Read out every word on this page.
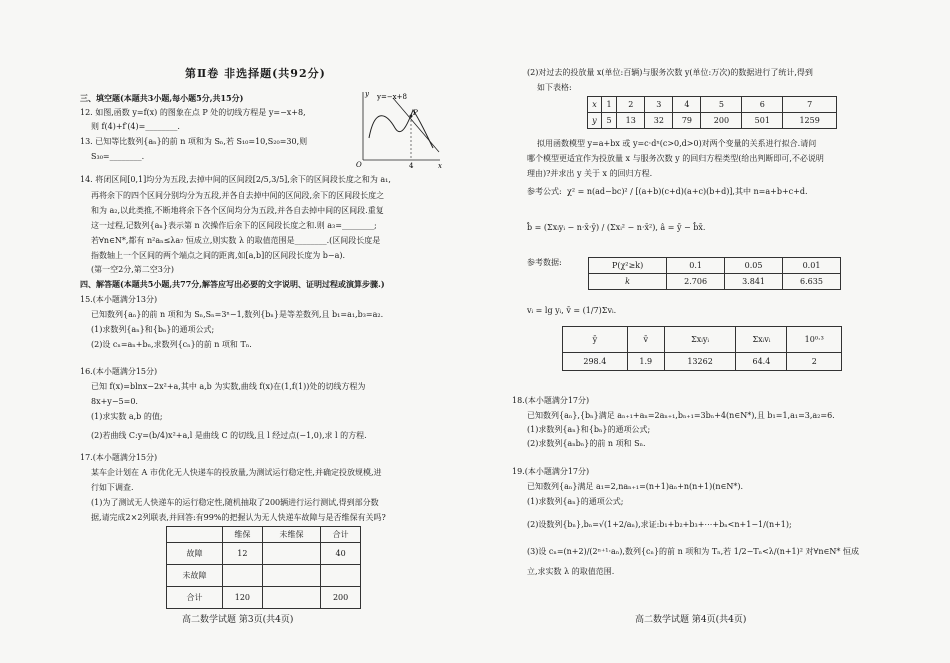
第Ⅱ卷 非选择题(共92分)
三、填空题(本题共3小题,每小题5分,共15分)
12. 如图,函数 y=f(x) 的图象在点 P 处的切线方程是 y=−x+8,
则 f(4)+f′(4)=________.
13. 已知等比数列{aₙ}的前 n 项和为 Sₙ,若 S₁₀=10,S₂₀=30,则
S₃₀=________.
y=−x+8
P
O	4	x
y
14. 将闭区间[0,1]均分为五段,去掉中间的区间段[2/5,3/5],余下的区间段长度之和为 a₁,
再将余下的四个区间分别均分为五段,并各自去掉中间的区间段,余下的区间段长度之
和为 a₂,以此类推,不断地将余下各个区间均分为五段,并各自去掉中间的区间段.重复
这一过程,记数列{aₙ}表示第 n 次操作后余下的区间段长度之和.则 a₃=________;
若∀n∈N*,都有 n²aₙ≤λa₇ 恒成立,则实数 λ 的取值范围是________.(区间段长度是
指数轴上一个区间的两个端点之间的距离,如[a,b]的区间段长度为 b−a).
(第一空2分,第二空3分)
四、解答题(本题共5小题,共77分,解答应写出必要的文字说明、证明过程或演算步骤.)
15.(本小题满分13分)
已知数列{aₙ}的前 n 项和为 Sₙ,Sₙ=3ⁿ−1,数列{bₙ}是等差数列,且 b₁=a₁,b₃=a₂.
(1)求数列{aₙ}和{bₙ}的通项公式;
(2)设 cₙ=aₙ+bₙ,求数列{cₙ}的前 n 项和 Tₙ.
16.(本小题满分15分)
已知 f(x)=blnx−2x²+a,其中 a,b 为实数,曲线 f(x)在(1,f(1))处的切线方程为
8x+y−5=0.
(1)求实数 a,b 的值;
(2)若曲线 C:y=(b/4)x²+a,l 是曲线 C 的切线,且 l 经过点(−1,0),求 l 的方程.
17.(本小题满分15分)
某车企计划在 A 市优化无人快递车的投放量,为测试运行稳定性,并确定投放规模,进
行如下调查.
(1)为了测试无人快递车的运行稳定性,随机抽取了200辆进行运行测试,得到部分数
据,请完成2×2列联表,并回答:有99%的把握认为无人快递车故障与是否维保有关吗?
	维保	未维保	合计
故障	12		40
未故障			
合计	120		200
高二数学试题 第3页(共4页)
(2)对过去的投放量 x(单位:百辆)与服务次数 y(单位:万次)的数据进行了统计,得到
如下表格:
x	1	2	3	4	5	6	7
y	5	13	32	79	200	501	1259
拟用函数模型 y=a+bx 或 y=c·dˣ(c>0,d>0)对两个变量的关系进行拟合.请问
哪个模型更适宜作为投放量 x 与服务次数 y 的回归方程类型(给出判断即可,不必说明
理由)?并求出 y 关于 x 的回归方程.
参考公式: χ² = n(ad−bc)² / [(a+b)(c+d)(a+c)(b+d)],其中 n=a+b+c+d.
b̂ = (Σxᵢyᵢ − n·x̄·ȳ) / (Σxᵢ² − n·x̄²), â = ȳ − b̂x̄.
参考数据:	P(χ²≥k)	0.1	0.05	0.01
k	2.706	3.841	6.635
vᵢ = lg yᵢ, v̄ = (1/7)Σvᵢ.
ȳ	v̄	Σxᵢyᵢ	Σxᵢvᵢ	10⁰·³
298.4	1.9	13262	64.4	2
18.(本小题满分17分)
已知数列{aₙ},{bₙ}满足 aₙ₊₁+aₙ=2aₙ₊₁,bₙ₊₁=3bₙ+4(n∈N*),且 b₁=1,a₁=3,a₂=6.
(1)求数列{aₙ}和{bₙ}的通项公式;
(2)求数列{aₙbₙ}的前 n 项和 Sₙ.
19.(本小题满分17分)
已知数列{aₙ}满足 a₁=2,naₙ₊₁=(n+1)aₙ+n(n+1)(n∈N*).
(1)求数列{aₙ}的通项公式;
(2)设数列{bₙ},bₙ=√(1+2/aₙ),求证:b₁+b₂+b₃+⋯+bₙ<n+1−1/(n+1);
(3)设 cₙ=(n+2)/(2ⁿ⁺¹·aₙ),数列{cₙ}的前 n 项和为 Tₙ,若 1/2−Tₙ<λ/(n+1)² 对∀n∈N* 恒成
立,求实数 λ 的取值范围.
高二数学试题 第4页(共4页)
